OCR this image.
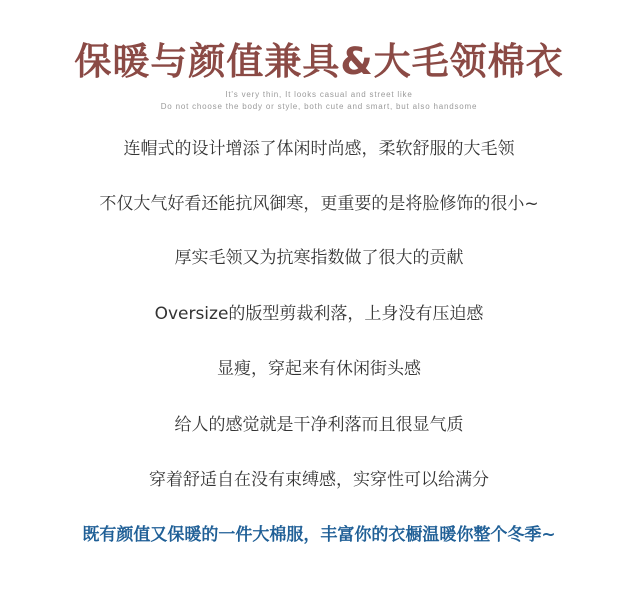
保暖与颜值兼具&大毛领棉衣

It's very thin, It looks casual and street like

Do not choose the body or style, both cute and smart, but also handsome

连帽式的设计增添了体闲时尚感，柔软舒服的大毛领

不仅大气好看还能抗风御寒，更重要的是将脸修饰的很小~

厚实毛领又为抗寒指数做了很大的贡献

Oversize的版型剪裁利落，上身没有压迫感

显瘦，穿起来有休闲街头感

给人的感觉就是干净利落而且很显气质

穿着舒适自在没有束缚感，实穿性可以给满分

既有颜值又保暖的一件大棉服，丰富你的衣橱温暖你整个冬季~
